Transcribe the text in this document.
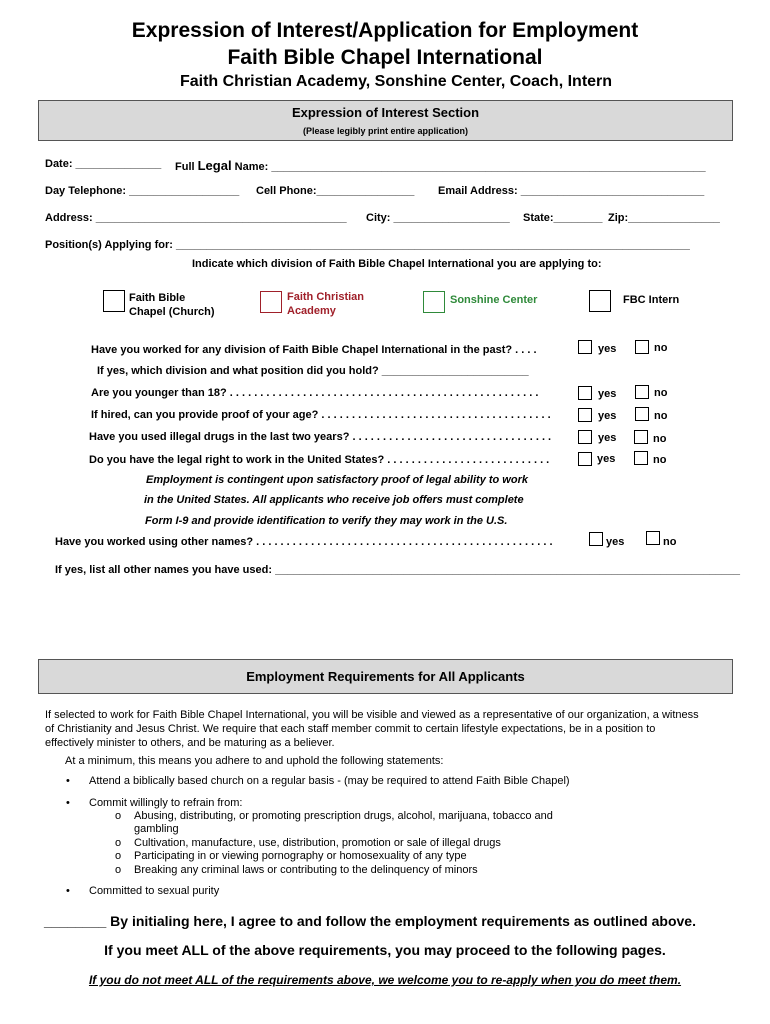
Expression of Interest/Application for Employment
Faith Bible Chapel International
Faith Christian Academy, Sonshine Center, Coach, Intern
Expression of Interest Section
(Please legibly print entire application)
Date: ______________ Full Legal Name: _______________________________________________________________________
Day Telephone: __________________ Cell Phone:________________ Email Address: ______________________________
Address: _________________________________________ City: ___________________ State:________ Zip:_______________
Position(s) Applying for: ____________________________________________________________________________________
Indicate which division of Faith Bible Chapel International you are applying to:
Faith Bible
Chapel (Church)
Faith Christian
Academy
Sonshine Center	FBC Intern
Have you worked for any division of Faith Bible Chapel International in the past? . . . .	yes	no
If yes, which division and what position did you hold? ________________________
Are you younger than 18? . . . . . . . . . . . . . . . . . . . . . . . . . . . . . . . . . . . . . . . . . . . . . . . . . . .	yes	no
If hired, can you provide proof of your age? . . . . . . . . . . . . . . . . . . . . . . . . . . . . . . . . . . . . . .	yes	no
Have you used illegal drugs in the last two years? . . . . . . . . . . . . . . . . . . . . . . . . . . . . . . . . .	yes	no
Do you have the legal right to work in the United States? . . . . . . . . . . . . . . . . . . . . . . . . . . .	yes	no
Employment is contingent upon satisfactory proof of legal ability to work
in the United States. All applicants who receive job offers must complete
Form I-9 and provide identification to verify they may work in the U.S.
Have you worked using other names? . . . . . . . . . . . . . . . . . . . . . . . . . . . . . . . . . . . . . . . . . . . . . . . . .	yes	no
If yes, list all other names you have used: ____________________________________________________________________________
Employment Requirements for All Applicants
If selected to work for Faith Bible Chapel International, you will be visible and viewed as a representative of our organization, a witness
of Christianity and Jesus Christ. We require that each staff member commit to certain lifestyle expectations, be in a position to
effectively minister to others, and be maturing as a believer.
At a minimum, this means you adhere to and uphold the following statements:
• Attend a biblically based church on a regular basis - (may be required to attend Faith Bible Chapel)
• Commit willingly to refrain from:
o Abusing, distributing, or promoting prescription drugs, alcohol, marijuana, tobacco and
gambling
o Cultivation, manufacture, use, distribution, promotion or sale of illegal drugs
o Participating in or viewing pornography or homosexuality of any type
o Breaking any criminal laws or contributing to the delinquency of minors
• Committed to sexual purity
________ By initialing here, I agree to and follow the employment requirements as outlined above.
If you meet ALL of the above requirements, you may proceed to the following pages.
If you do not meet ALL of the requirements above, we welcome you to re-apply when you do meet them.
